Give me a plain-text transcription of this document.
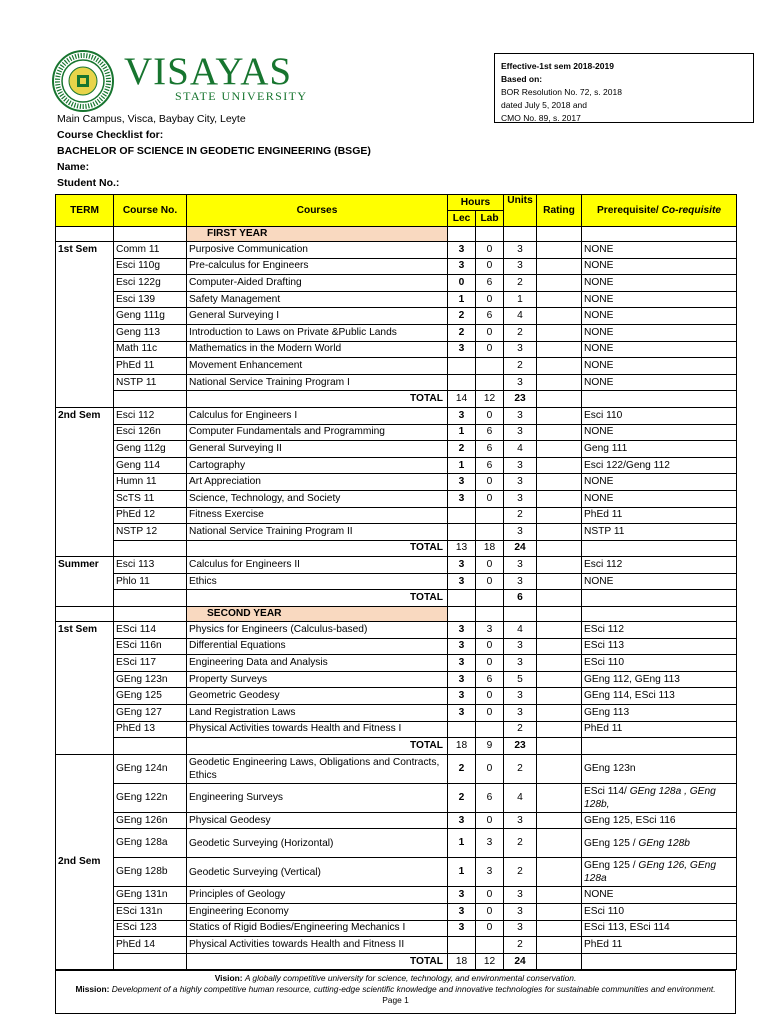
VISAYAS
STATE UNIVERSITY
Effective-1st sem 2018-2019
Based on:
BOR Resolution No. 72, s. 2018
dated July 5, 2018 and
CMO No. 89, s. 2017
Main Campus, Visca, Baybay City, Leyte
Course Checklist for:
BACHELOR OF SCIENCE IN GEODETIC ENGINEERING (BSGE)
Name:
Student No.:
TERM	Course No.	Courses	Hours		Units	Rating	Prerequisite/ Co-requisite
			Lec	Lab			
		FIRST YEAR					
1st Sem	Comm 11	Purposive Communication	3	0	3		NONE
	Esci 110g	Pre-calculus for Engineers	3	0	3		NONE
	Esci 122g	Computer-Aided Drafting	0	6	2		NONE
	Esci 139	Safety Management	1	0	1		NONE
	Geng 111g	General Surveying I	2	6	4		NONE
	Geng 113	Introduction to Laws on Private &Public Lands	2	0	2		NONE
	Math 11c	Mathematics in the Modern World	3	0	3		NONE
	PhEd 11	Movement Enhancement			2		NONE
	NSTP 11	National Service Training Program I			3		NONE
		TOTAL	14	12	23		
2nd Sem	Esci 112	Calculus for Engineers I	3	0	3		Esci 110
	Esci 126n	Computer Fundamentals and Programming	1	6	3		NONE
	Geng 112g	General Surveying II	2	6	4		Geng 111
	Geng 114	Cartography	1	6	3		Esci 122/Geng 112
	Humn 11	Art Appreciation	3	0	3		NONE
	ScTS 11	Science, Technology, and Society	3	0	3		NONE
	PhEd 12	Fitness Exercise			2		PhEd 11
	NSTP 12	National Service Training Program II			3		NSTP 11
		TOTAL	13	18	24		
Summer	Esci 113	Calculus for Engineers II	3	0	3		Esci 112
	Phlo 11	Ethics	3	0	3		NONE
		TOTAL			6		
		SECOND YEAR					
1st Sem	ESci 114	Physics for Engineers (Calculus-based)	3	3	4		ESci 112
	ESci 116n	Differential Equations	3	0	3		ESci 113
	ESci 117	Engineering Data and Analysis	3	0	3		ESci 110
	GEng 123n	Property Surveys	3	6	5		GEng 112, GEng 113
	GEng 125	Geometric Geodesy	3	0	3		GEng 114, ESci 113
	GEng 127	Land Registration Laws	3	0	3		GEng 113
	PhEd 13	Physical Activities towards Health and Fitness I			2		PhEd 11
		TOTAL	18	9	23		
2nd Sem	GEng 124n	Geodetic Engineering Laws, Obligations and Contracts, Ethics	2	0	2		GEng 123n
	GEng 122n	Engineering Surveys	2	6	4		ESci 114/ GEng 128a , GEng 128b,
	GEng 126n	Physical Geodesy	3	0	3		GEng 125, ESci 116
	GEng 128a	Geodetic Surveying (Horizontal)	1	3	2		GEng 125 / GEng 128b
	GEng 128b	Geodetic Surveying (Vertical)	1	3	2		GEng 125 / GEng 126, GEng 128a
	GEng 131n	Principles of Geology	3	0	3		NONE
	ESci 131n	Engineering Economy	3	0	3		ESci 110
	ESci 123	Statics of Rigid Bodies/Engineering Mechanics I	3	0	3		ESci 113, ESci 114
	PhEd 14	Physical Activities towards Health and Fitness II			2		PhEd 11
		TOTAL	18	12	24		
Vision: A globally competitive university for science, technology, and environmental conservation.
Mission: Development of a highly competitive human resource, cutting-edge scientific knowledge and innovative technologies for sustainable communities and environment.
Page 1
